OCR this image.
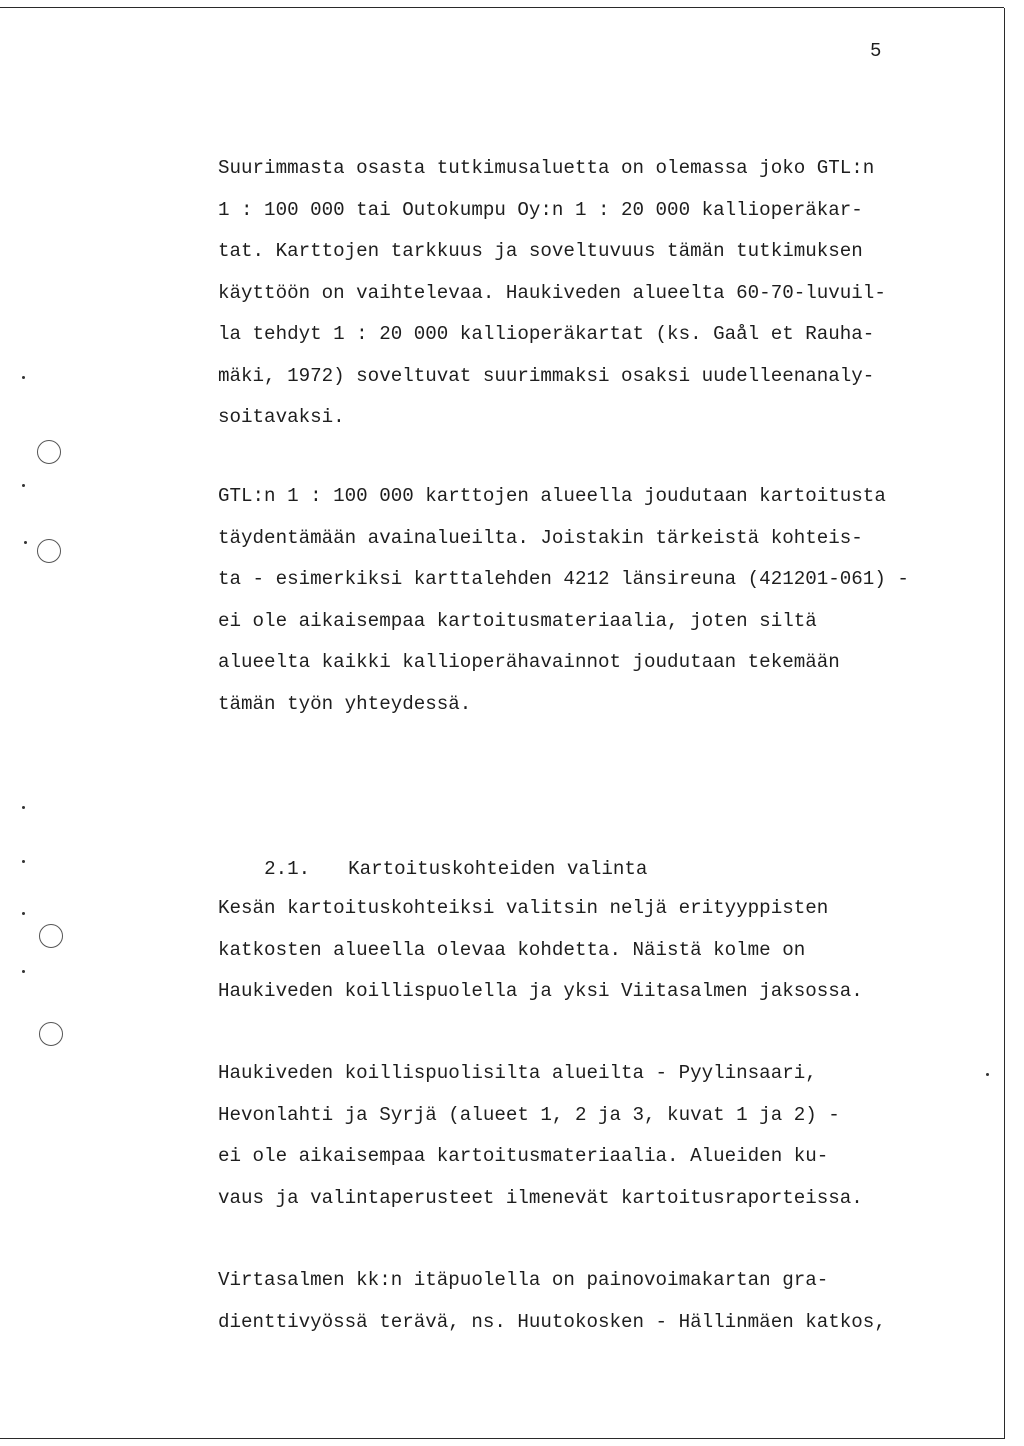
5
Suurimmasta osasta tutkimusaluetta on olemassa joko GTL:n
1 : 100 000 tai Outokumpu Oy:n 1 : 20 000 kallioperäkar-
tat. Karttojen tarkkuus ja soveltuvuus tämän tutkimuksen
käyttöön on vaihtelevaa. Haukiveden alueelta 60-70-luvuil-
la tehdyt 1 : 20 000 kallioperäkartat (ks. Gaål et Rauha-
mäki, 1972) soveltuvat suurimmaksi osaksi uudelleenanaly-
soitavaksi.
GTL:n 1 : 100 000 karttojen alueella joudutaan kartoitusta
täydentämään avainalueilta. Joistakin tärkeistä kohteis-
ta - esimerkiksi karttalehden 4212 länsireuna (421201-061) -
ei ole aikaisempaa kartoitusmateriaalia, joten siltä
alueelta kaikki kallioperähavainnot joudutaan tekemään
tämän työn yhteydessä.

2.1. Kartoituskohteiden valinta

Kesän kartoituskohteiksi valitsin neljä erityyppisten
katkosten alueella olevaa kohdetta. Näistä kolme on
Haukiveden koillispuolella ja yksi Viitasalmen jaksossa.
Haukiveden koillispuolisilta alueilta - Pyylinsaari,
Hevonlahti ja Syrjä (alueet 1, 2 ja 3, kuvat 1 ja 2) -
ei ole aikaisempaa kartoitusmateriaalia. Alueiden ku-
vaus ja valintaperusteet ilmenevät kartoitusraporteissa.
Virtasalmen kk:n itäpuolella on painovoimakartan gra-
dienttivyössä terävä, ns. Huutokosken - Hällinmäen katkos,
